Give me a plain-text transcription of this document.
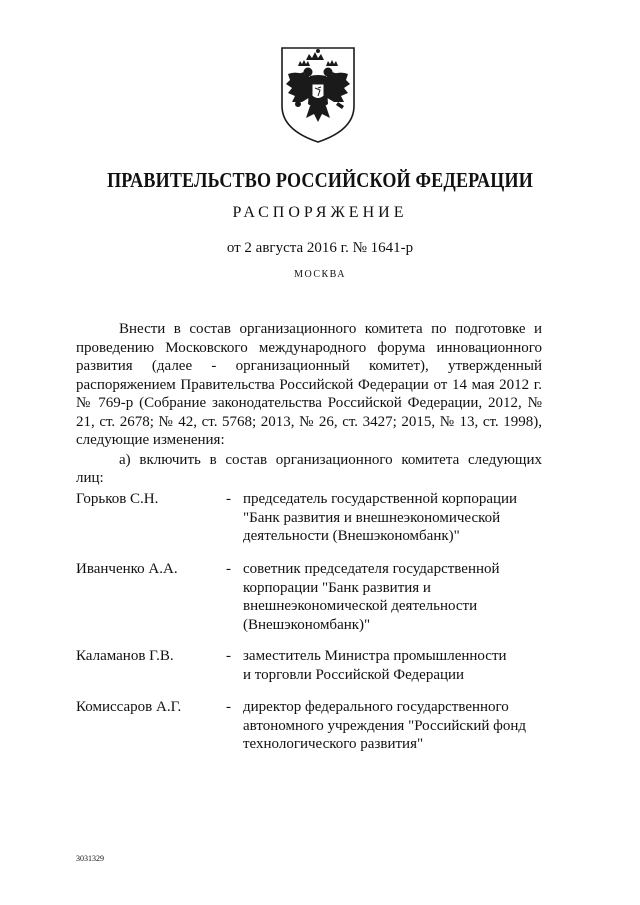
ПРАВИТЕЛЬСТВО РОССИЙСКОЙ ФЕДЕРАЦИИ
РАСПОРЯЖЕНИЕ
от 2 августа 2016 г. № 1641-р
МОСКВА
Внести в состав организационного комитета по подготовке и проведению Московского международного форума инновационного развития (далее - организационный комитет), утвержденный распоряжением Правительства Российской Федерации от 14 мая 2012 г. № 769-р (Собрание законодательства Российской Федерации, 2012, № 21, ст. 2678; № 42, ст. 5768; 2013, № 26, ст. 3427; 2015, № 13, ст. 1998), следующие изменения:
а) включить в состав организационного комитета следующих лиц:
Горьков С.Н.	- председатель государственной корпорации
"Банк развития и внешнеэкономической
деятельности (Внешэкономбанк)"
Иванченко А.А.	- советник председателя государственной
корпорации "Банк развития и
внешнеэкономической деятельности
(Внешэкономбанк)"
Каламанов Г.В.	- заместитель Министра промышленности
и торговли Российской Федерации
Комиссаров А.Г.	- директор федерального государственного
автономного учреждения "Российский фонд
технологического развития"
3031329
